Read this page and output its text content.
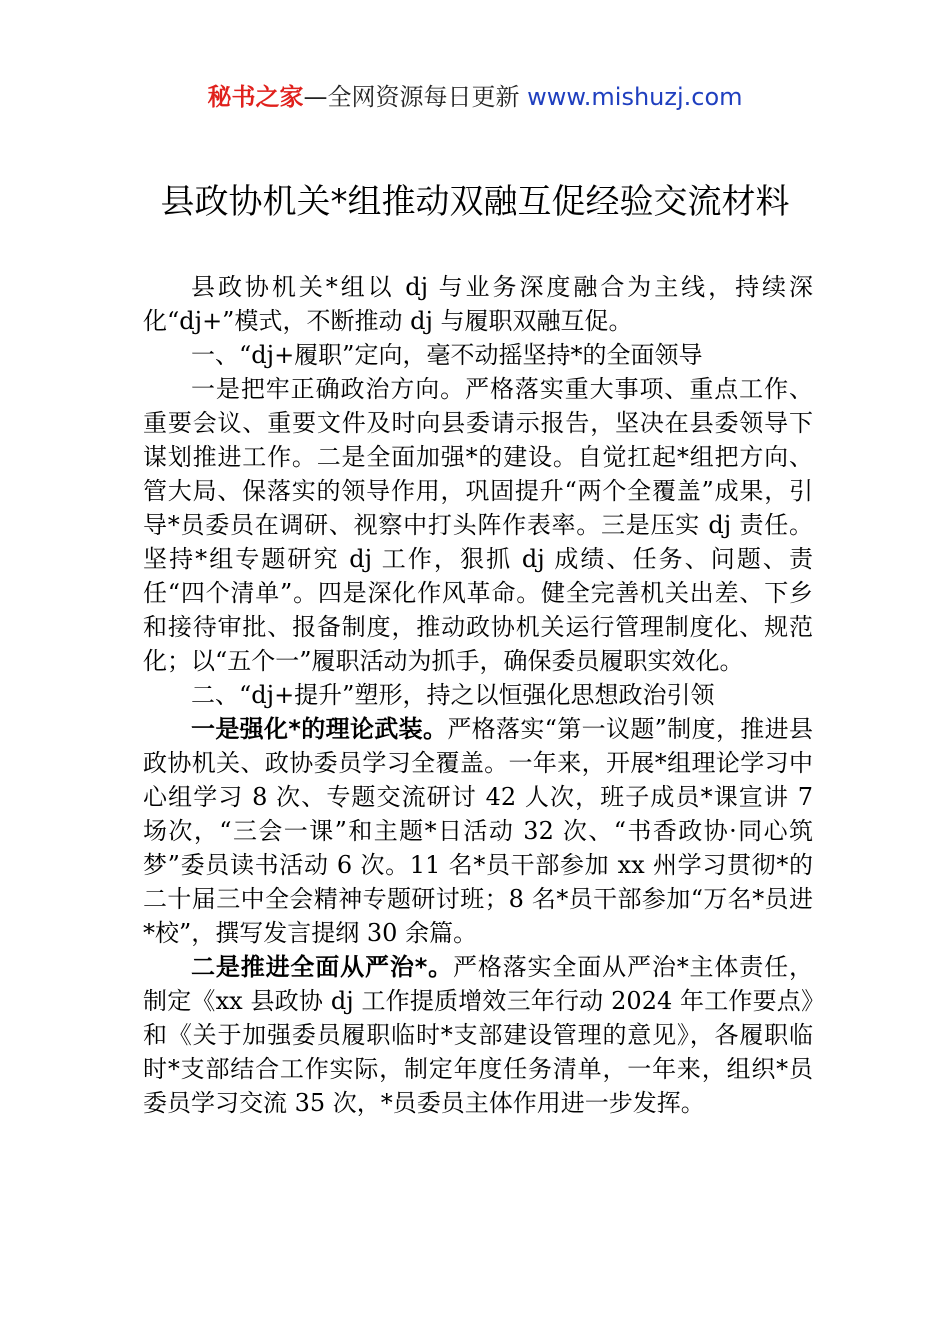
秘书之家—全网资源每日更新 www.mishuzj.com
县政协机关*组推动双融互促经验交流材料

县政协机关*组以 dj 与业务深度融合为主线，持续深化“dj+”模式，不断推动 dj 与履职双融互促。

一、“dj+履职”定向，毫不动摇坚持*的全面领导

一是把牢正确政治方向。严格落实重大事项、重点工作、重要会议、重要文件及时向县委请示报告，坚决在县委领导下谋划推进工作。二是全面加强*的建设。自觉扛起*组把方向、管大局、保落实的领导作用，巩固提升“两个全覆盖”成果，引导*员委员在调研、视察中打头阵作表率。三是压实 dj 责任。坚持*组专题研究 dj 工作，狠抓 dj 成绩、任务、问题、责任“四个清单”。四是深化作风革命。健全完善机关出差、下乡和接待审批、报备制度，推动政协机关运行管理制度化、规范化；以“五个一”履职活动为抓手，确保委员履职实效化。

二、“dj+提升”塑形，持之以恒强化思想政治引领

一是强化*的理论武装。严格落实“第一议题”制度，推进县政协机关、政协委员学习全覆盖。一年来，开展*组理论学习中心组学习 8 次、专题交流研讨 42 人次，班子成员*课宣讲 7 场次，“三会一课”和主题*日活动 32 次、“书香政协·同心筑梦”委员读书活动 6 次。11 名*员干部参加 xx 州学习贯彻*的二十届三中全会精神专题研讨班；8 名*员干部参加“万名*员进*校”，撰写发言提纲 30 余篇。

二是推进全面从严治*。严格落实全面从严治*主体责任，制定《xx 县政协 dj 工作提质增效三年行动 2024 年工作要点》和《关于加强委员履职临时*支部建设管理的意见》，各履职临时*支部结合工作实际，制定年度任务清单，一年来，组织*员委员学习交流 35 次，*员委员主体作用进一步发挥。
